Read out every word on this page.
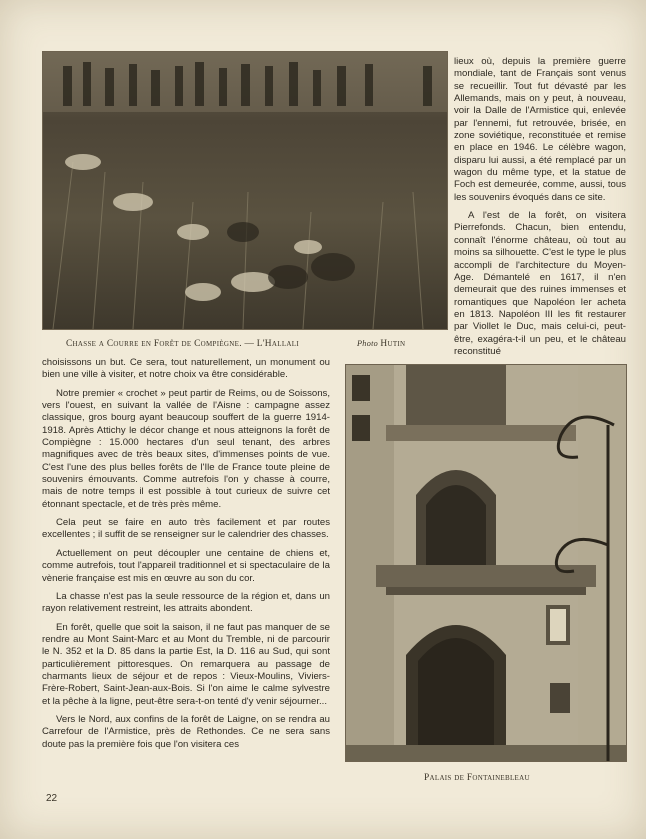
Chasse a Courre en Forêt de Compiègne. — L'Hallali	Photo Hutin

lieux où, depuis la première guerre mondiale, tant de Français sont venus se recueillir. Tout fut dévasté par les Allemands, mais on y peut, à nouveau, voir la Dalle de l'Armistice qui, enlevée par l'ennemi, fut retrouvée, brisée, en zone soviétique, reconstituée et remise en place en 1946. Le célèbre wagon, disparu lui aussi, a été remplacé par un wagon du même type, et la statue de Foch est demeurée, comme, aussi, tous les souvenirs évoqués dans ce site.

A l'est de la forêt, on visitera Pierrefonds. Chacun, bien entendu, connaît l'énorme château, où tout au moins sa silhouette. C'est le type le plus accompli de l'architecture du Moyen-Age. Démantelé en 1617, il n'en demeurait que des ruines immenses et romantiques que Napoléon Ier acheta en 1813. Napoléon III les fit restaurer par Viollet le Duc, mais celui-ci, peut-être, exagéra-t-il un peu, et le château reconstitué

choisissons un but. Ce sera, tout naturellement, un monument ou bien une ville à visiter, et notre choix va être considérable.

Notre premier « crochet » peut partir de Reims, ou de Soissons, vers l'ouest, en suivant la vallée de l'Aisne : campagne assez classique, gros bourg ayant beaucoup souffert de la guerre 1914-1918. Après Attichy le décor change et nous atteignons la forêt de Compiègne : 15.000 hectares d'un seul tenant, des arbres magnifiques avec de très beaux sites, d'immenses points de vue. C'est l'une des plus belles forêts de l'Ile de France toute pleine de souvenirs émouvants. Comme autrefois l'on y chasse à courre, mais de notre temps il est possible à tout curieux de suivre cet étonnant spectacle, et de très près même.

Cela peut se faire en auto très facilement et par routes excellentes ; il suffit de se renseigner sur le calendrier des chasses.

Actuellement on peut découpler une centaine de chiens et, comme autrefois, tout l'appareil traditionnel et si spectaculaire de la vènerie française est mis en œuvre au son du cor.

La chasse n'est pas la seule ressource de la région et, dans un rayon relativement restreint, les attraits abondent.

En forêt, quelle que soit la saison, il ne faut pas manquer de se rendre au Mont Saint-Marc et au Mont du Tremble, ni de parcourir le N. 352 et la D. 85 dans la partie Est, la D. 116 au Sud, qui sont particulièrement pittoresques. On remarquera au passage de charmants lieux de séjour et de repos : Vieux-Moulins, Viviers-Frère-Robert, Saint-Jean-aux-Bois. Si l'on aime le calme sylvestre et la pêche à la ligne, peut-être sera-t-on tenté d'y venir séjourner...

Vers le Nord, aux confins de la forêt de Laigne, on se rendra au Carrefour de l'Armistice, près de Rethondes. Ce ne sera sans doute pas la première fois que l'on visitera ces

Palais de Fontainebleau
22
